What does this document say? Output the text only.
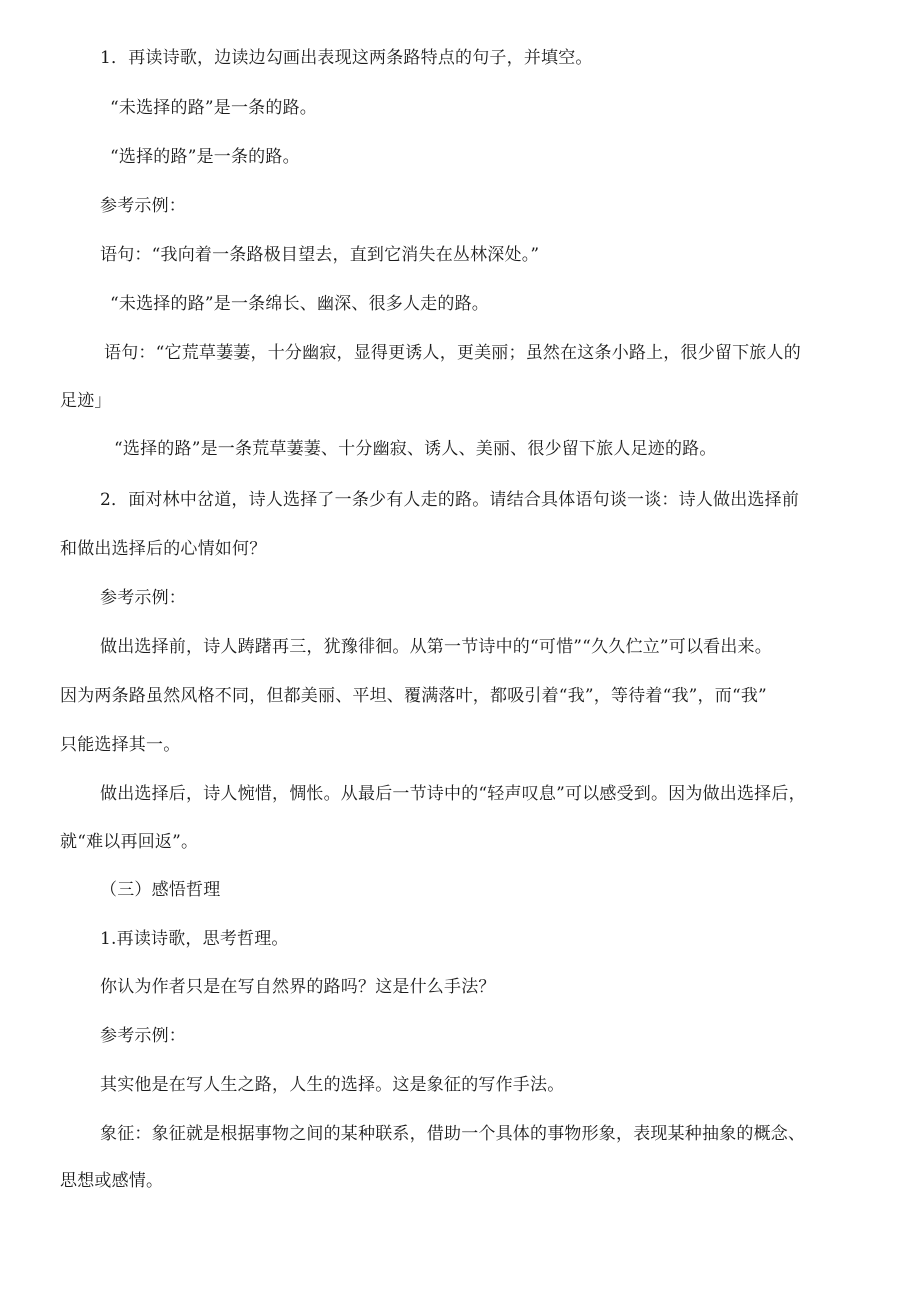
1．再读诗歌，边读边勾画出表现这两条路特点的句子，并填空。
“未选择的路”是一条的路。
“选择的路”是一条的路。
参考示例：
语句：“我向着一条路极目望去，直到它消失在丛林深处。”
“未选择的路”是一条绵长、幽深、很多人走的路。
语句：“它荒草萋萋，十分幽寂，显得更诱人，更美丽；虽然在这条小路上，很少留下旅人的
足迹」
“选择的路”是一条荒草萋萋、十分幽寂、诱人、美丽、很少留下旅人足迹的路。
2．面对林中岔道，诗人选择了一条少有人走的路。请结合具体语句谈一谈：诗人做出选择前
和做出选择后的心情如何？
参考示例：
做出选择前，诗人踌躇再三，犹豫徘徊。从第一节诗中的“可惜”“久久伫立”可以看出来。
因为两条路虽然风格不同，但都美丽、平坦、覆满落叶，都吸引着“我”，等待着“我”，而“我”
只能选择其一。
做出选择后，诗人惋惜，惆怅。从最后一节诗中的“轻声叹息”可以感受到。因为做出选择后，
就“难以再回返”。
（三）感悟哲理
1.再读诗歌，思考哲理。
你认为作者只是在写自然界的路吗？这是什么手法？
参考示例：
其实他是在写人生之路，人生的选择。这是象征的写作手法。
象征：象征就是根据事物之间的某种联系，借助一个具体的事物形象，表现某种抽象的概念、
思想或感情。
